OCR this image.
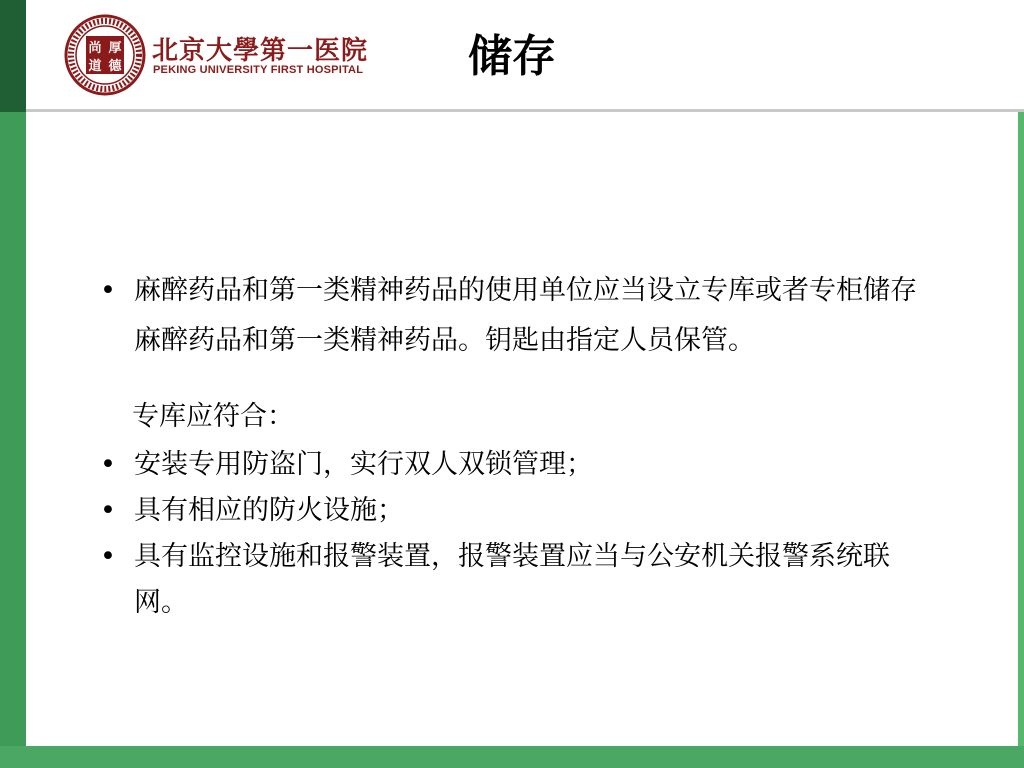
尚 厚
道 德
北京大學第一医院
PEKING UNIVERSITY FIRST HOSPITAL	储存
• 麻醉药品和第一类精神药品的使用单位应当设立专库或者专柜储存麻醉药品和第一类精神药品。钥匙由指定人员保管。
专库应符合：
• 安装专用防盗门，实行双人双锁管理；
• 具有相应的防火设施；
• 具有监控设施和报警装置，报警装置应当与公安机关报警系统联网。
